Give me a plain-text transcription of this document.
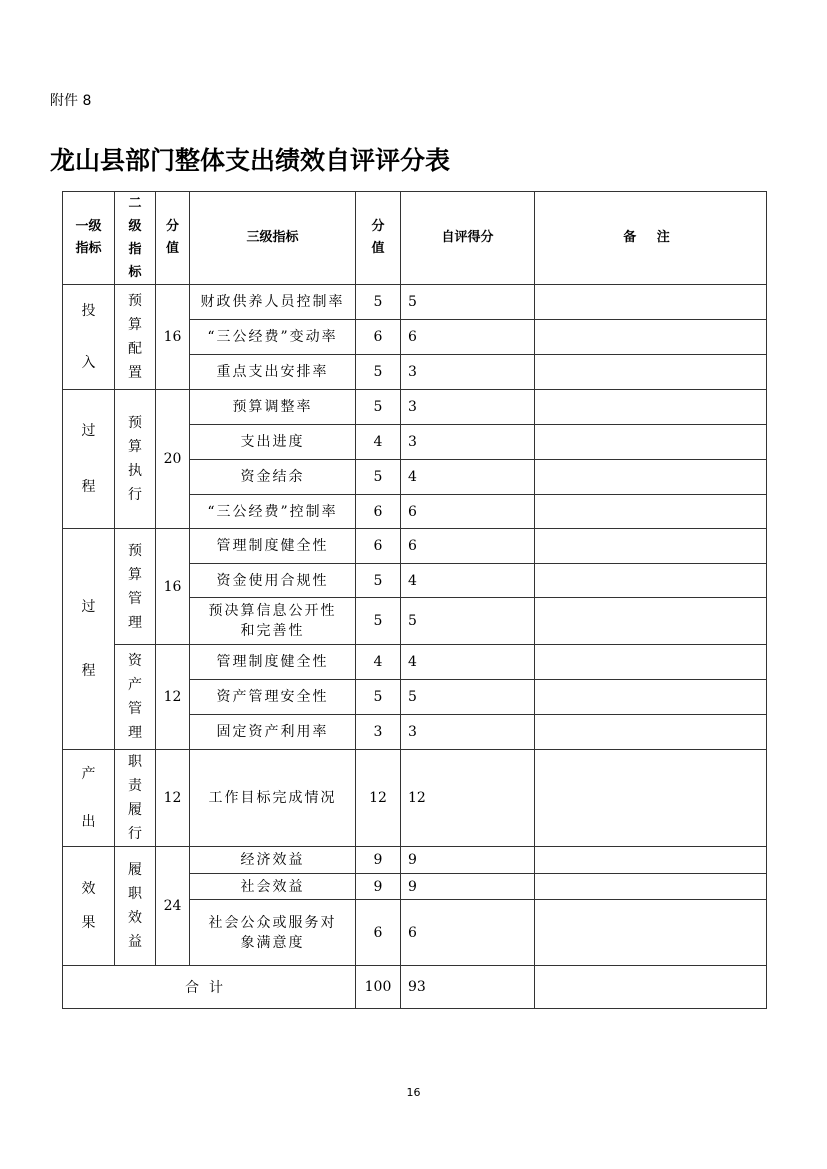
附件 8
龙山县部门整体支出绩效自评评分表
一级指标	二级指标	分值	三级指标	分值	自评得分	备 注
投入	预算配置	16	财政供养人员控制率	5	5	
			“三公经费”变动率	6	6	
			重点支出安排率	5	3	
过程	预算执行	20	预算调整率	5	3	
			支出进度	4	3	
			资金结余	5	4	
			“三公经费”控制率	6	6	
过程	预算管理	16	管理制度健全性	6	6	
			资金使用合规性	5	4	
			预决算信息公开性和完善性	5	5	
	资产管理	12	管理制度健全性	4	4	
			资产管理安全性	5	5	
			固定资产利用率	3	3	
产出	职责履行	12	工作目标完成情况	12	12	
效果	履职效益	24	经济效益	9	9	
			社会效益	9	9	
			社会公众或服务对象满意度	6	6	
合计				100	93	
16
